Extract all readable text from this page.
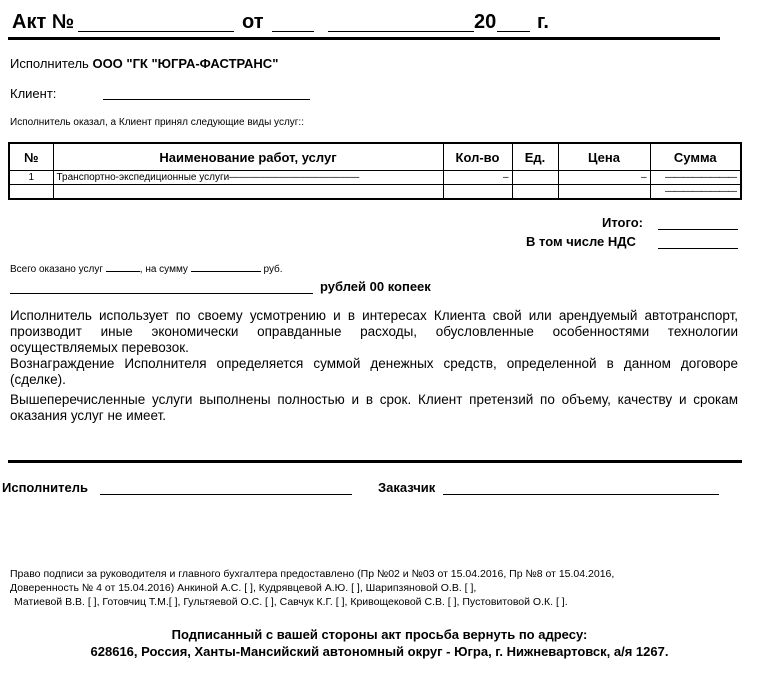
Акт №	от	20 г.
Исполнитель ООО "ГК "ЮГРА-ФАСТРАНС"
Клиент:
Исполнитель оказал, а Клиент принял следующие виды услуг::
№	Наименование работ, услуг	Кол-во	Ед.	Цена	Сумма
1	Транспортно-экспедиционные услуги—————————————	–		–	————————

					————————
Итого:
В том числе НДС
Всего оказано услуг	, на сумму	руб.
рублей 00 копеек

Исполнитель использует по своему усмотрению и в интересах Клиента свой или арендуемый автотранспорт, производит иные экономически оправданные расходы, обусловленные особенностями технологии осуществляемых перевозок.

Вознаграждение Исполнителя определяется суммой денежных средств, определенной в данном договоре (сделке).

Вышеперечисленные услуги выполнены полностью и в срок. Клиент претензий по объему, качеству и срокам оказания услуг не имеет.

Исполнитель	Заказчик
Право подписи за руководителя и главного бухгалтера предоставлено (Пр №02 и №03 от 15.04.2016, Пр №8 от 15.04.2016,
Доверенность № 4 от 15.04.2016) Анкиной А.С. [ ], Кудрявцевой А.Ю. [ ], Шарипзяновой О.В. [ ],
Матиевой В.В. [ ], Готовчиц Т.М.[ ], Гультяевой О.С. [ ], Савчук К.Г. [ ], Кривощековой С.В. [ ], Пустовитовой О.К. [ ].
Подписанный с вашей стороны акт просьба вернуть по адресу:
628616, Россия, Ханты-Мансийский автономный округ - Югра, г. Нижневартовск, а/я 1267.
